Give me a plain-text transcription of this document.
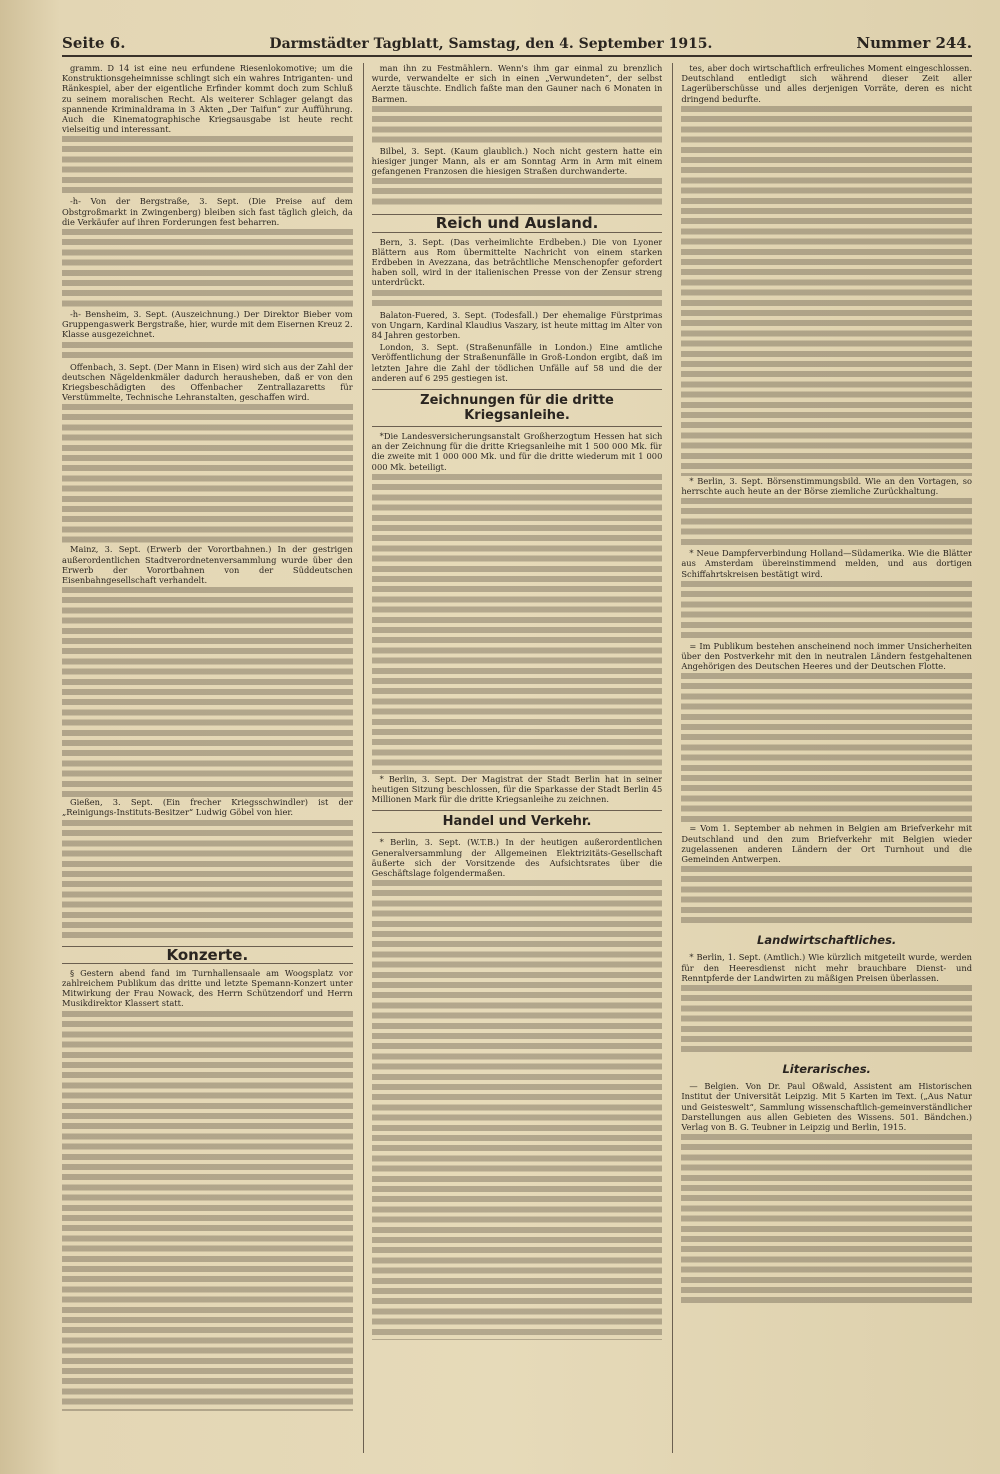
Seite 6.	Darmstädter Tagblatt, Samstag, den 4. September 1915.	Nummer 244.

gramm. D 14 ist eine neu erfundene Riesenlokomotive; um die Konstruktionsgeheimnisse schlingt sich ein wahres Intriganten- und Ränkespiel, aber der eigentliche Erfinder kommt doch zum Schluß zu seinem moralischen Recht. Als weiterer Schlager gelangt das spannende Kriminaldrama in 3 Akten „Der Taifun“ zur Aufführung. Auch die Kinematographische Kriegsausgabe ist heute recht vielseitig und interessant.

-h- Von der Bergstraße, 3. Sept. (Die Preise auf dem Obstgroßmarkt in Zwingenberg) bleiben sich fast täglich gleich, da die Verkäufer auf ihren Forderungen fest beharren.

-h- Bensheim, 3. Sept. (Auszeichnung.) Der Direktor Bieber vom Gruppengaswerk Bergstraße, hier, wurde mit dem Eisernen Kreuz 2. Klasse ausgezeichnet.

Offenbach, 3. Sept. (Der Mann in Eisen) wird sich aus der Zahl der deutschen Nägeldenkmäler dadurch herausheben, daß er von den Kriegsbeschädigten des Offenbacher Zentrallazaretts für Verstümmelte, Technische Lehranstalten, geschaffen wird.

Mainz, 3. Sept. (Erwerb der Vorortbahnen.) In der gestrigen außerordentlichen Stadtverordnetenversammlung wurde über den Erwerb der Vorortbahnen von der Süddeutschen Eisenbahngesellschaft verhandelt.

Gießen, 3. Sept. (Ein frecher Kriegsschwindler) ist der „Reinigungs-Instituts-Besitzer“ Ludwig Göbel von hier.

Konzerte.

§ Gestern abend fand im Turnhallensaale am Woogsplatz vor zahlreichem Publikum das dritte und letzte Spemann-Konzert unter Mitwirkung der Frau Nowack, des Herrn Schützendorf und Herrn Musikdirektor Klassert statt.

man ihn zu Festmählern. Wenn's ihm gar einmal zu brenzlich wurde, verwandelte er sich in einen „Verwundeten“, der selbst Aerzte täuschte. Endlich faßte man den Gauner nach 6 Monaten in Barmen.

Bilbel, 3. Sept. (Kaum glaublich.) Noch nicht gestern hatte ein hiesiger junger Mann, als er am Sonntag Arm in Arm mit einem gefangenen Franzosen die hiesigen Straßen durchwanderte.

Reich und Ausland.

Bern, 3. Sept. (Das verheimlichte Erdbeben.) Die von Lyoner Blättern aus Rom übermittelte Nachricht von einem starken Erdbeben in Avezzana, das beträchtliche Menschenopfer gefordert haben soll, wird in der italienischen Presse von der Zensur streng unterdrückt.

Balaton-Fuered, 3. Sept. (Todesfall.) Der ehemalige Fürstprimas von Ungarn, Kardinal Klaudius Vaszary, ist heute mittag im Alter von 84 Jahren gestorben.

London, 3. Sept. (Straßenunfälle in London.) Eine amtliche Veröffentlichung der Straßenunfälle in Groß-London ergibt, daß im letzten Jahre die Zahl der tödlichen Unfälle auf 58 und die der anderen auf 6 295 gestiegen ist.

Zeichnungen für die dritte Kriegsanleihe.

*Die Landesversicherungsanstalt Großherzogtum Hessen hat sich an der Zeichnung für die dritte Kriegsanleihe mit 1 500 000 Mk. für die zweite mit 1 000 000 Mk. und für die dritte wiederum mit 1 000 000 Mk. beteiligt.

* Berlin, 3. Sept. Der Magistrat der Stadt Berlin hat in seiner heutigen Sitzung beschlossen, für die Sparkasse der Stadt Berlin 45 Millionen Mark für die dritte Kriegsanleihe zu zeichnen.

Handel und Verkehr.

* Berlin, 3. Sept. (W.T.B.) In der heutigen außerordentlichen Generalversammlung der Allgemeinen Elektrizitäts-Gesellschaft äußerte sich der Vorsitzende des Aufsichtsrates über die Geschäftslage folgendermaßen.

tes, aber doch wirtschaftlich erfreuliches Moment eingeschlossen. Deutschland entledigt sich während dieser Zeit aller Lagerüberschüsse und alles derjenigen Vorräte, deren es nicht dringend bedurfte.

* Berlin, 3. Sept. Börsenstimmungsbild. Wie an den Vortagen, so herrschte auch heute an der Börse ziemliche Zurückhaltung.

* Neue Dampferverbindung Holland—Südamerika. Wie die Blätter aus Amsterdam übereinstimmend melden, und aus dortigen Schiffahrtskreisen bestätigt wird.

= Im Publikum bestehen anscheinend noch immer Unsicherheiten über den Postverkehr mit den in neutralen Ländern festgehaltenen Angehörigen des Deutschen Heeres und der Deutschen Flotte.

= Vom 1. September ab nehmen in Belgien am Briefverkehr mit Deutschland und den zum Briefverkehr mit Belgien wieder zugelassenen anderen Ländern der Ort Turnhout und die Gemeinden Antwerpen.

Landwirtschaftliches.

* Berlin, 1. Sept. (Amtlich.) Wie kürzlich mitgeteilt wurde, werden für den Heeresdienst nicht mehr brauchbare Dienst- und Renntpferde der Landwirten zu mäßigen Preisen überlassen.

Literarisches.

— Belgien. Von Dr. Paul Oßwald, Assistent am Historischen Institut der Universität Leipzig. Mit 5 Karten im Text. („Aus Natur und Geisteswelt“, Sammlung wissenschaftlich-gemeinverständlicher Darstellungen aus allen Gebieten des Wissens. 501. Bändchen.) Verlag von B. G. Teubner in Leipzig und Berlin, 1915.
